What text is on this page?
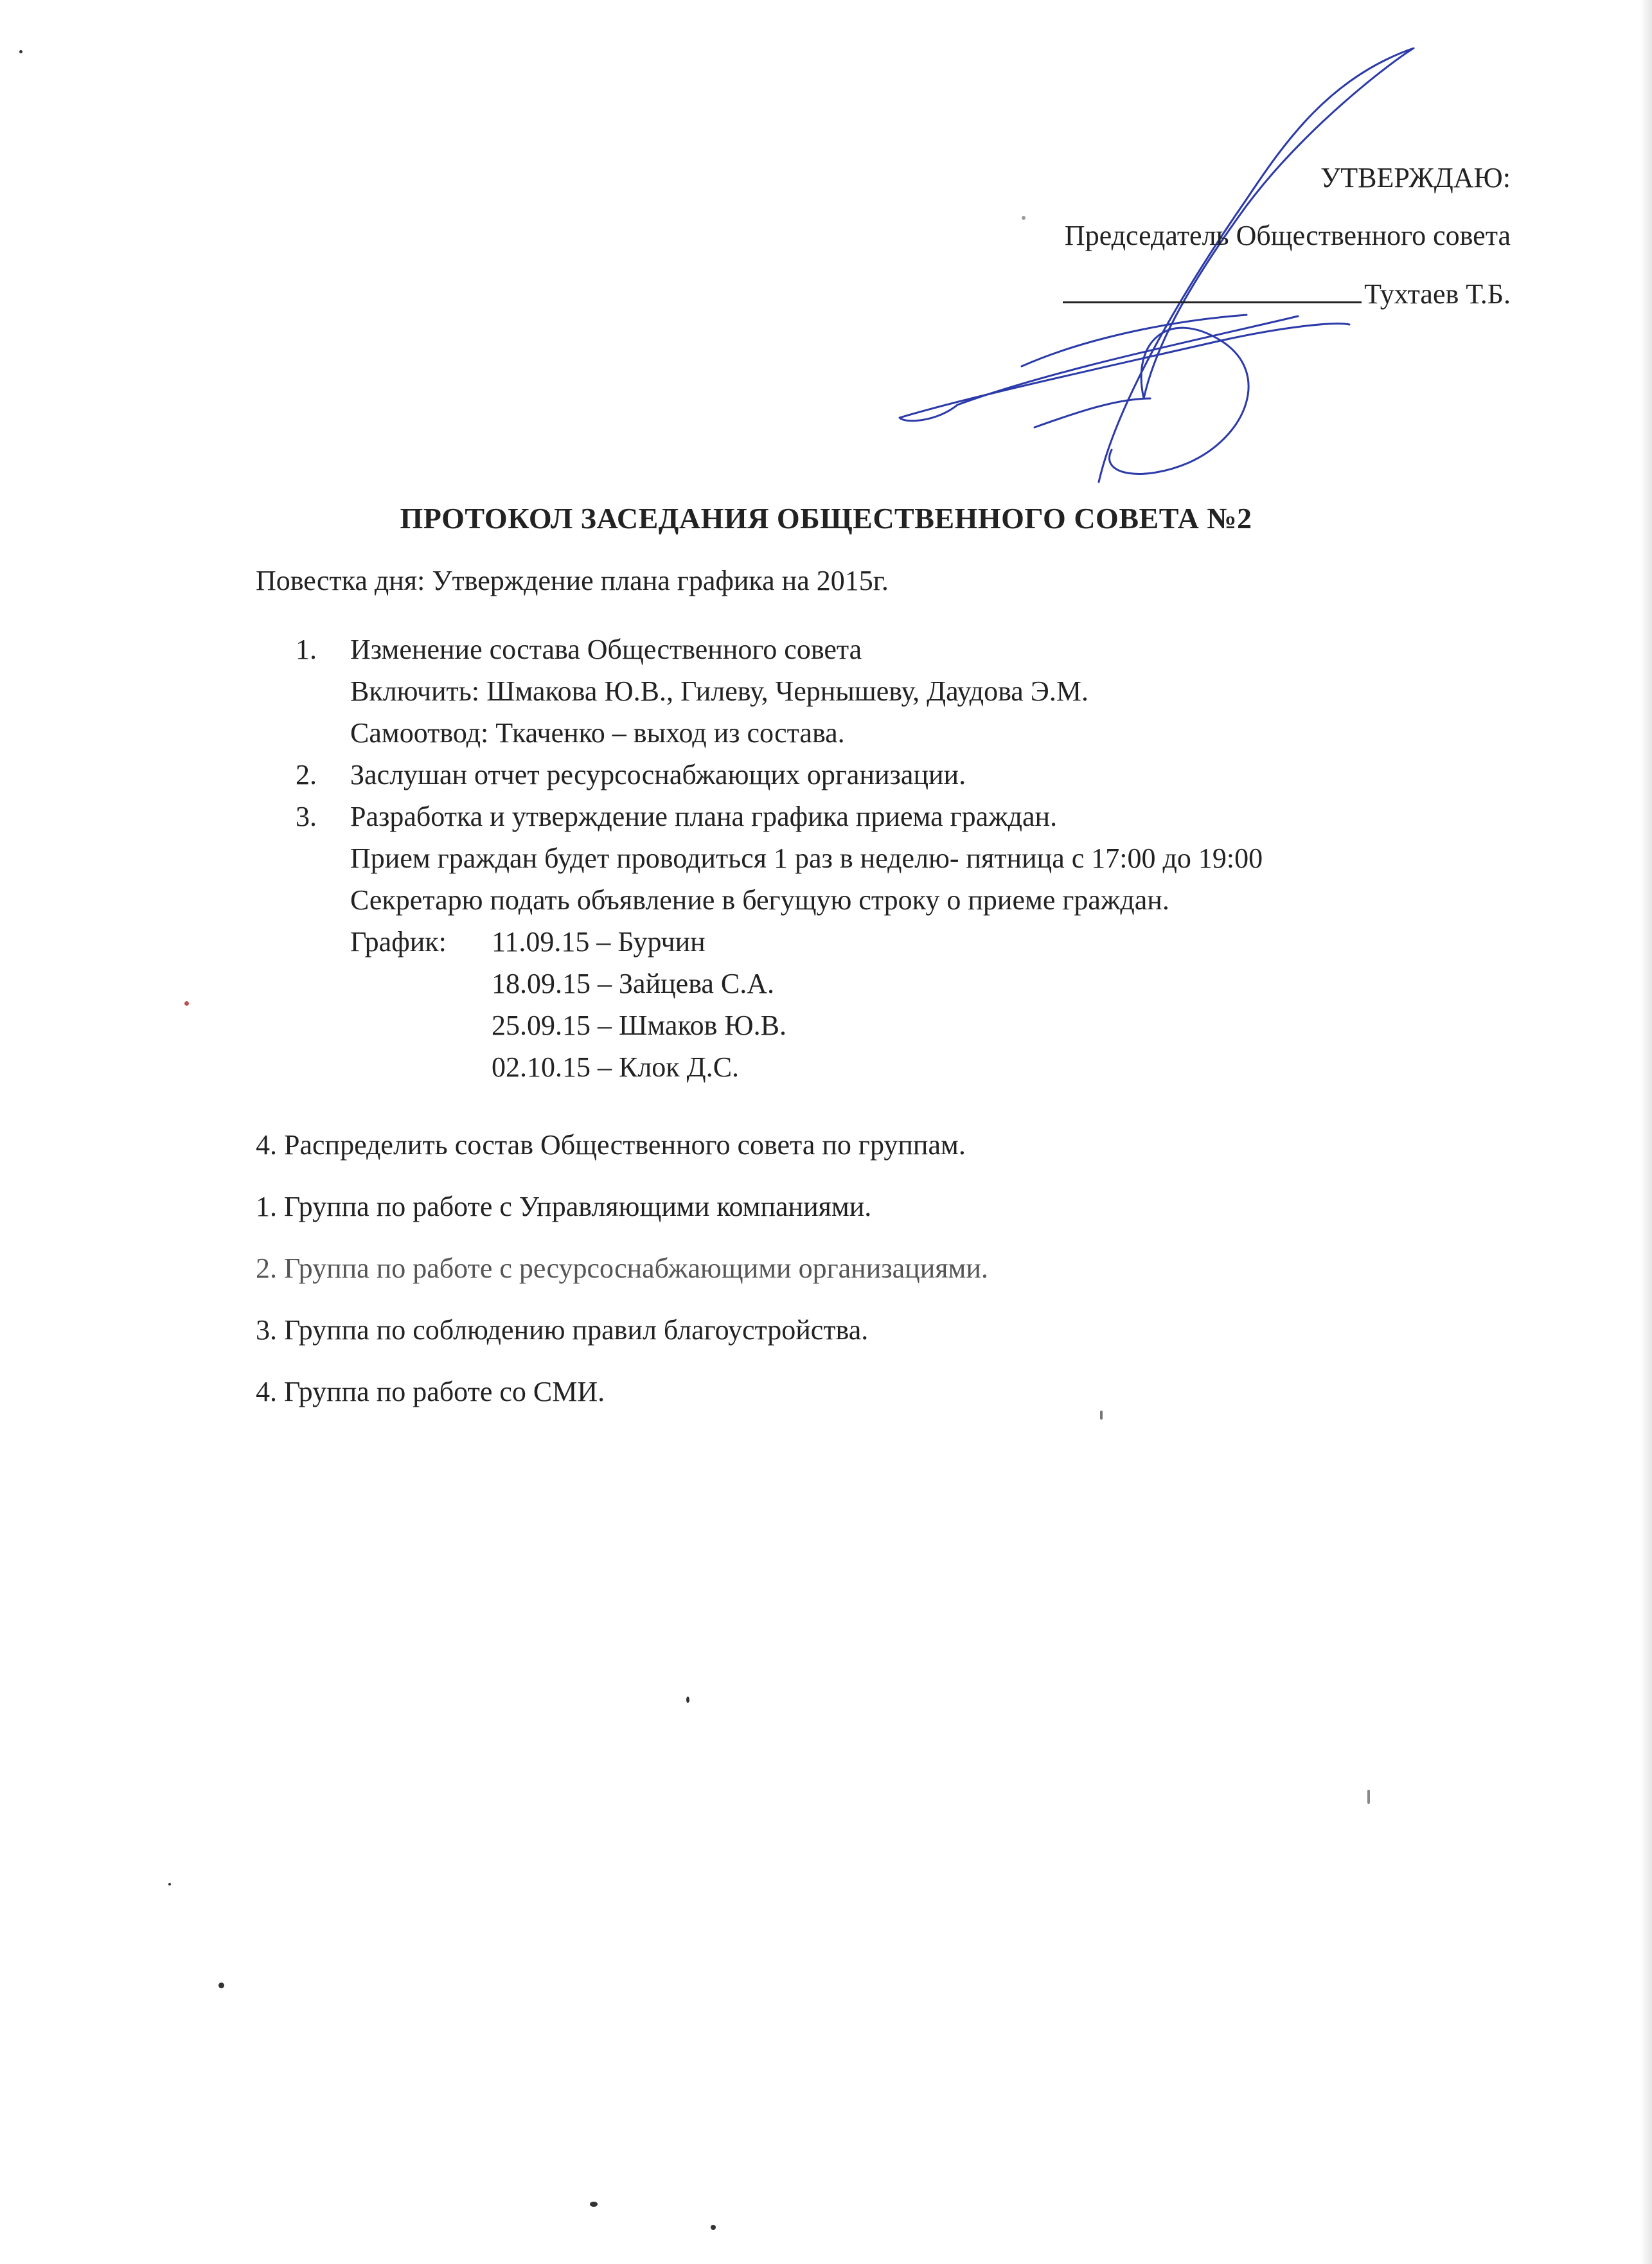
УТВЕРЖДАЮ:
Председатель Общественного совета
Тухтаев Т.Б.
ПРОТОКОЛ ЗАСЕДАНИЯ ОБЩЕСТВЕННОГО СОВЕТА №2
Повестка дня: Утверждение плана графика на 2015г.
1. Изменение состава Общественного совета
Включить: Шмакова Ю.В., Гилеву, Чернышеву, Даудова Э.М.
Самоотвод: Ткаченко – выход из состава.
2. Заслушан отчет ресурсоснабжающих организации.
3. Разработка и утверждение плана графика приема граждан.
Прием граждан будет проводиться 1 раз в неделю- пятница с 17:00 до 19:00
Секретарю подать объявление в бегущую строку о приеме граждан.
График: 11.09.15 – Бурчин
18.09.15 – Зайцева С.А.
25.09.15 – Шмаков Ю.В.
02.10.15 – Клок Д.С.
4. Распределить состав Общественного совета по группам.
1. Группа по работе с Управляющими компаниями.
2. Группа по работе с ресурсоснабжающими организациями.
3. Группа по соблюдению правил благоустройства.
4. Группа по работе со СМИ.
